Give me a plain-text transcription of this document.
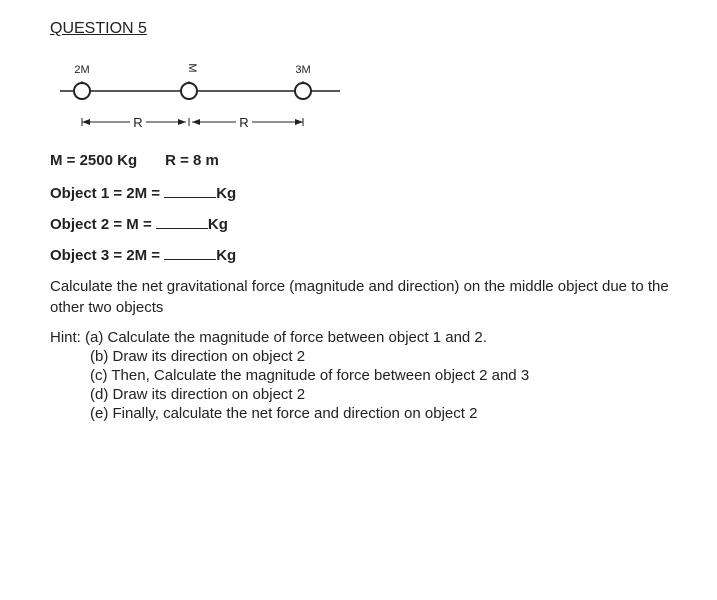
QUESTION 5
2M	M	3M
R	R
M = 2500 Kg R = 8 m
Object 1 = 2M =	Kg
Object 2 = M =	Kg
Object 3 = 2M =	Kg
Calculate the net gravitational force (magnitude and direction) on the middle object due to the other two objects
Hint: (a) Calculate the magnitude of force between object 1 and 2.
(b) Draw its direction on object 2
(c) Then, Calculate the magnitude of force between object 2 and 3
(d) Draw its direction on object 2
(e) Finally, calculate the net force and direction on object 2
